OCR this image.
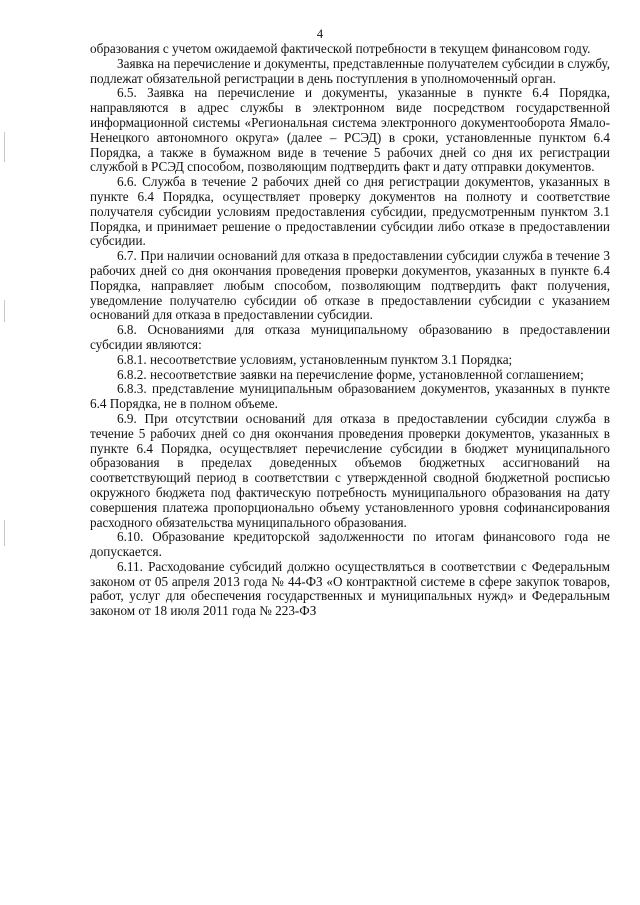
4

образования с учетом ожидаемой фактической потребности в текущем финансовом году.

Заявка на перечисление и документы, представленные получателем субсидии в службу, подлежат обязательной регистрации в день поступления в уполномоченный орган.

6.5. Заявка на перечисление и документы, указанные в пункте 6.4 Порядка, направляются в адрес службы в электронном виде посредством государственной информационной системы «Региональная система электронного документооборота Ямало-Ненецкого автономного округа» (далее – РСЭД) в сроки, установленные пунктом 6.4 Порядка, а также в бумажном виде в течение 5 рабочих дней со дня их регистрации службой в РСЭД способом, позволяющим подтвердить факт и дату отправки документов.

6.6. Служба в течение 2 рабочих дней со дня регистрации документов, указанных в пункте 6.4 Порядка, осуществляет проверку документов на полноту и соответствие получателя субсидии условиям предоставления субсидии, предусмотренным пунктом 3.1 Порядка, и принимает решение о предоставлении субсидии либо отказе в предоставлении субсидии.

6.7. При наличии оснований для отказа в предоставлении субсидии служба в течение 3 рабочих дней со дня окончания проведения проверки документов, указанных в пункте 6.4 Порядка, направляет любым способом, позволяющим подтвердить факт получения, уведомление получателю субсидии об отказе в предоставлении субсидии с указанием оснований для отказа в предоставлении субсидии.

6.8. Основаниями для отказа муниципальному образованию в предоставлении субсидии являются:

6.8.1. несоответствие условиям, установленным пунктом 3.1 Порядка;

6.8.2. несоответствие заявки на перечисление форме, установленной соглашением;

6.8.3. представление муниципальным образованием документов, указанных в пункте 6.4 Порядка, не в полном объеме.

6.9. При отсутствии оснований для отказа в предоставлении субсидии служба в течение 5 рабочих дней со дня окончания проведения проверки документов, указанных в пункте 6.4 Порядка, осуществляет перечисление субсидии в бюджет муниципального образования в пределах доведенных объемов бюджетных ассигнований на соответствующий период в соответствии с утвержденной сводной бюджетной росписью окружного бюджета под фактическую потребность муниципального образования на дату совершения платежа пропорционально объему установленного уровня софинансирования расходного обязательства муниципального образования.

6.10. Образование кредиторской задолженности по итогам финансового года не допускается.

6.11. Расходование субсидий должно осуществляться в соответствии с Федеральным законом от 05 апреля 2013 года № 44-ФЗ «О контрактной системе в сфере закупок товаров, работ, услуг для обеспечения государственных и муниципальных нужд» и Федеральным законом от 18 июля 2011 года № 223-ФЗ
